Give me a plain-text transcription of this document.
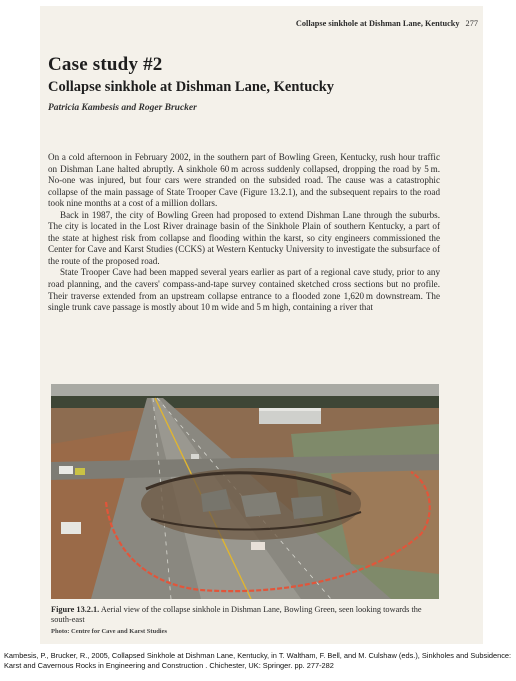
Collapse sinkhole at Dishman Lane, Kentucky 277
Case study #2
Collapse sinkhole at Dishman Lane, Kentucky
Patricia Kambesis and Roger Brucker

On a cold afternoon in February 2002, in the southern part of Bowling Green, Kentucky, rush hour traffic on Dishman Lane halted abruptly. A sinkhole 60 m across suddenly collapsed, dropping the road by 5 m. No-one was injured, but four cars were stranded on the subsided road. The cause was a catastrophic collapse of the main passage of State Trooper Cave (Figure 13.2.1), and the subsequent repairs to the road took nine months at a cost of a million dollars.

Back in 1987, the city of Bowling Green had proposed to extend Dishman Lane through the suburbs. The city is located in the Lost River drainage basin of the Sinkhole Plain of southern Kentucky, a part of the state at highest risk from collapse and flooding within the karst, so city engineers commissioned the Center for Cave and Karst Studies (CCKS) at Western Kentucky University to investigate the subsurface of the route of the proposed road.

State Trooper Cave had been mapped several years earlier as part of a regional cave study, prior to any road planning, and the cavers' compass-and-tape survey contained sketched cross sections but no profile. Their traverse extended from an upstream collapse entrance to a flooded zone 1,620 m downstream. The single trunk cave passage is mostly about 10 m wide and 5 m high, containing a river that

Figure 13.2.1. Aerial view of the collapse sinkhole in Dishman Lane, Bowling Green, seen looking towards the south-east
Photo: Centre for Cave and Karst Studies
Kambesis, P., Brucker, R., 2005, Collapsed Sinkhole at Dishman Lane, Kentucky, in T. Waltham, F. Bell, and M. Culshaw (eds.), Sinkholes and Subsidence: Karst and Cavernous Rocks in Engineering and Construction . Chichester, UK: Springer. pp. 277-282
